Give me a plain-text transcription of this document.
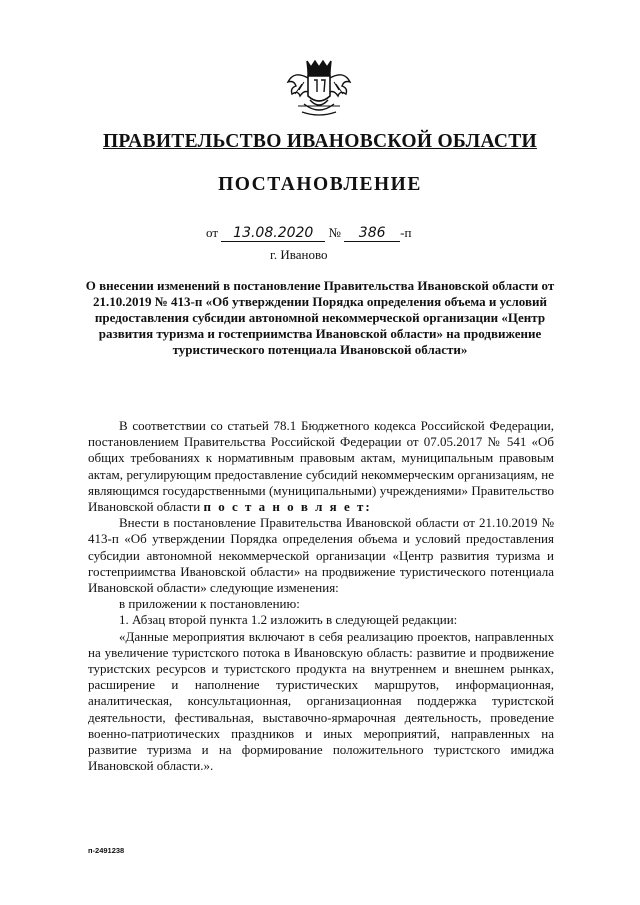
ПРАВИТЕЛЬСТВО ИВАНОВСКОЙ ОБЛАСТИ
ПОСТАНОВЛЕНИЕ
от 13.08.2020 № 386 -п
г. Иваново
О внесении изменений в постановление Правительства Ивановской области от 21.10.2019 № 413-п «Об утверждении Порядка определения объема и условий предоставления субсидии автономной некоммерческой организации «Центр развития туризма и гостеприимства Ивановской области» на продвижение туристического потенциала Ивановской области»

В соответствии со статьей 78.1 Бюджетного кодекса Российской Федерации, постановлением Правительства Российской Федерации от 07.05.2017 № 541 «Об общих требованиях к нормативным правовым актам, муниципальным правовым актам, регулирующим предоставление субсидий некоммерческим организациям, не являющимся государственными (муниципальными) учреждениями» Правительство Ивановской области п о с т а н о в л я е т:

Внести в постановление Правительства Ивановской области от 21.10.2019 № 413-п «Об утверждении Порядка определения объема и условий предоставления субсидии автономной некоммерческой организации «Центр развития туризма и гостеприимства Ивановской области» на продвижение туристического потенциала Ивановской области» следующие изменения:

в приложении к постановлению:

1. Абзац второй пункта 1.2 изложить в следующей редакции:

«Данные мероприятия включают в себя реализацию проектов, направленных на увеличение туристского потока в Ивановскую область: развитие и продвижение туристских ресурсов и туристского продукта на внутреннем и внешнем рынках, расширение и наполнение туристических маршрутов, информационная, аналитическая, консультационная, организационная поддержка туристской деятельности, фестивальная, выставочно-ярмарочная деятельность, проведение военно-патриотических праздников и иных мероприятий, направленных на развитие туризма и на формирование положительного туристского имиджа Ивановской области.».

п-2491238
